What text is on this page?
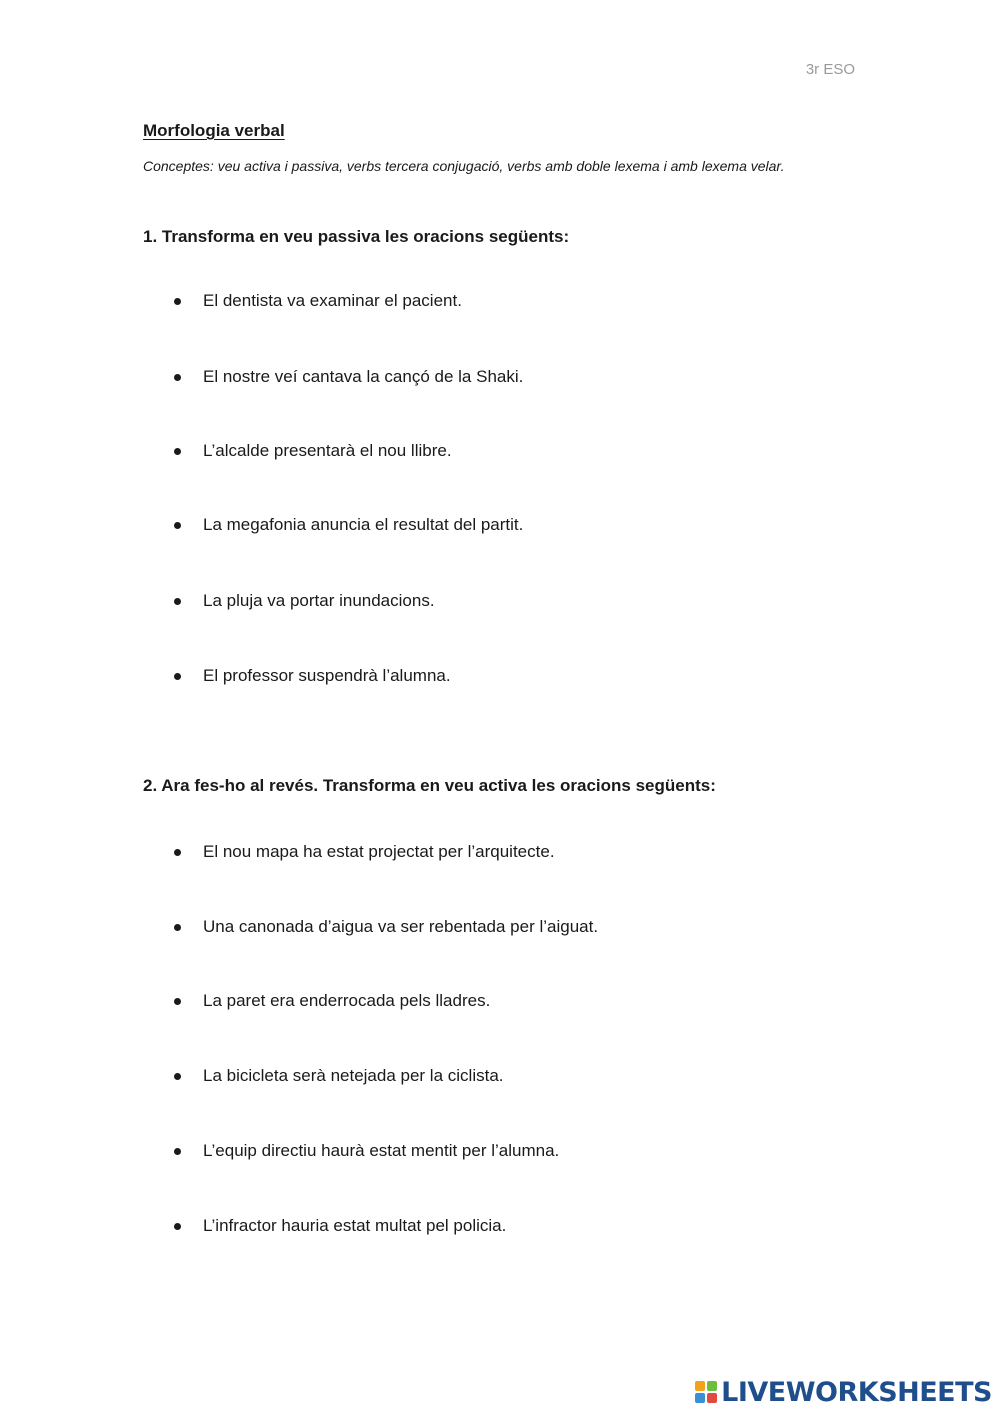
3r ESO
Morfologia verbal
Conceptes: veu activa i passiva, verbs tercera conjugació, verbs amb doble lexema i amb lexema velar.
1. Transforma en veu passiva les oracions següents:
El dentista va examinar el pacient.
El nostre veí cantava la cançó de la Shaki.
L’alcalde presentarà el nou llibre.
La megafonia anuncia el resultat del partit.
La pluja va portar inundacions.
El professor suspendrà l’alumna.
2. Ara fes-ho al revés. Transforma en veu activa les oracions següents:
El nou mapa ha estat projectat per l’arquitecte.
Una canonada d’aigua va ser rebentada per l’aiguat.
La paret era enderrocada pels lladres.
La bicicleta serà netejada per la ciclista.
L’equip directiu haurà estat mentit per l’alumna.
L’infractor hauria estat multat pel policia.
LIVEWORKSHEETS
